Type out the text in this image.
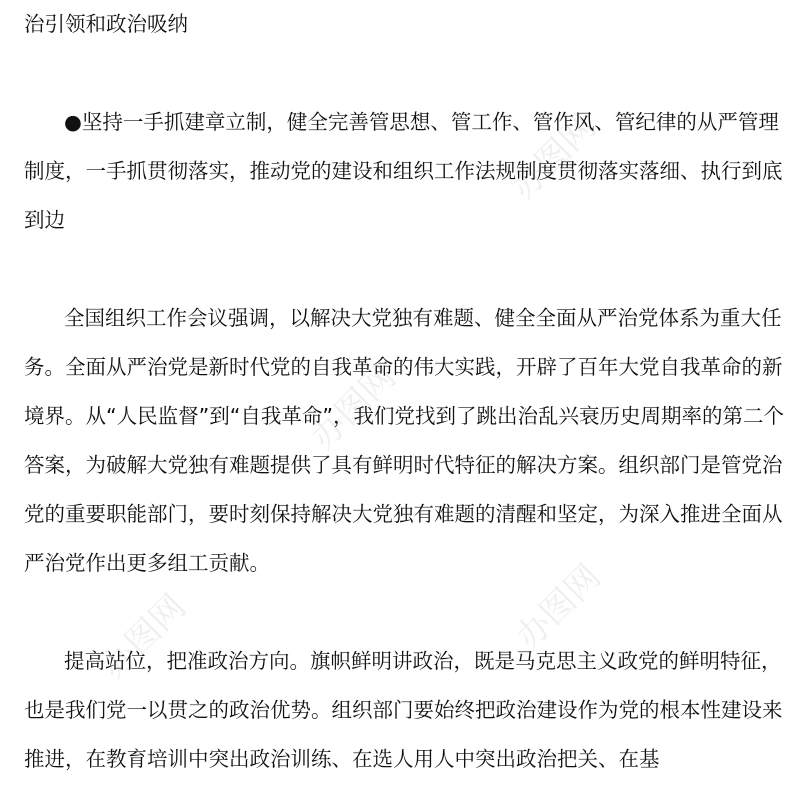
办图网
办图网
办图网
办图网

治引领和政治吸纳

●坚持一手抓建章立制，健全完善管思想、管工作、管作风、管纪律的从严管理制度，一手抓贯彻落实，推动党的建设和组织工作法规制度贯彻落实落细、执行到底到边

全国组织工作会议强调，以解决大党独有难题、健全全面从严治党体系为重大任务。全面从严治党是新时代党的自我革命的伟大实践，开辟了百年大党自我革命的新境界。从“人民监督”到“自我革命”，我们党找到了跳出治乱兴衰历史周期率的第二个答案，为破解大党独有难题提供了具有鲜明时代特征的解决方案。组织部门是管党治党的重要职能部门，要时刻保持解决大党独有难题的清醒和坚定，为深入推进全面从严治党作出更多组工贡献。

提高站位，把准政治方向。旗帜鲜明讲政治，既是马克思主义政党的鲜明特征，也是我们党一以贯之的政治优势。组织部门要始终把政治建设作为党的根本性建设来推进，在教育培训中突出政治训练、在选人用人中突出政治把关、在基
